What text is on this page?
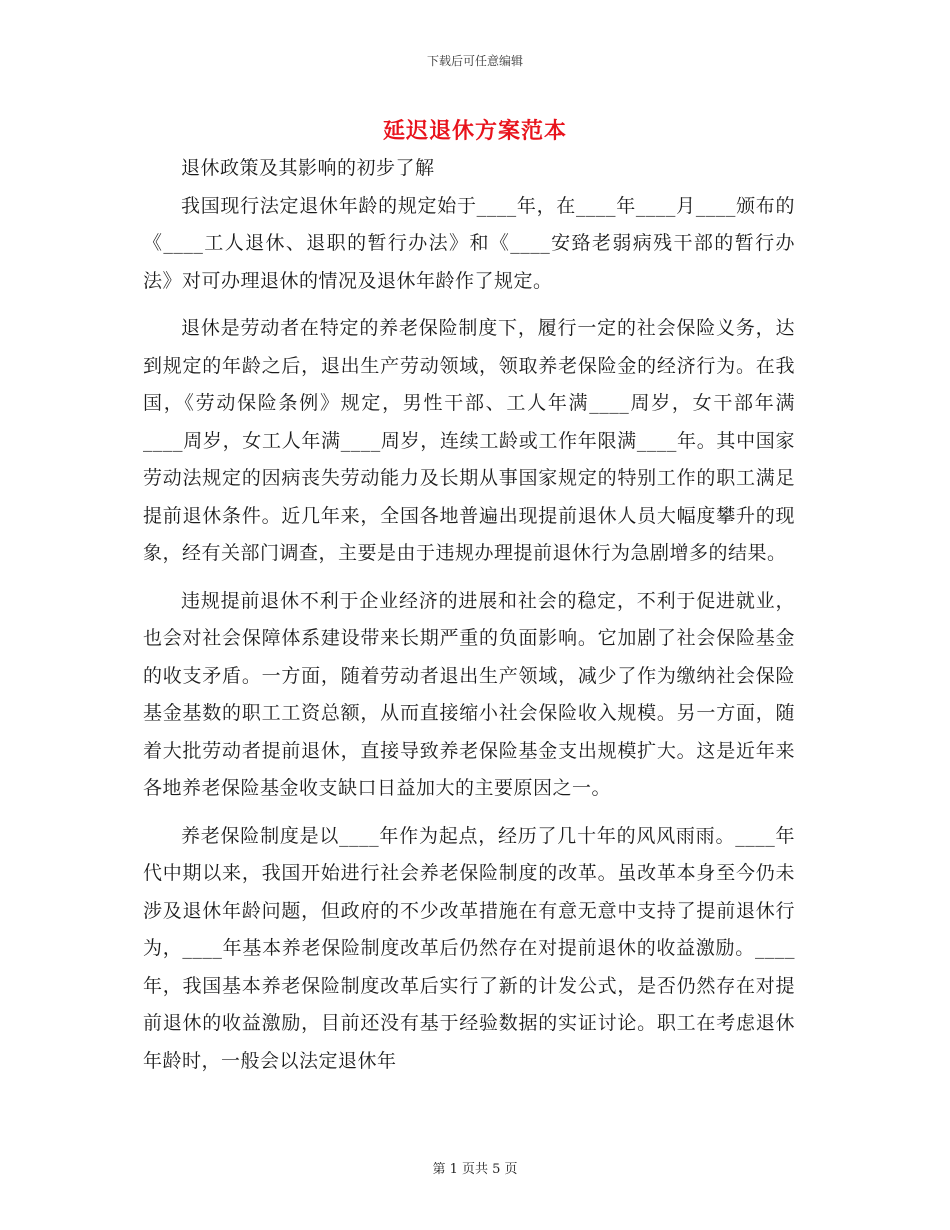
下载后可任意编辑
延迟退休方案范本

退休政策及其影响的初步了解

我国现行法定退休年龄的规定始于____年，在____年____月____颁布的《____工人退休、退职的暂行办法》和《____安臵老弱病残干部的暂行办法》对可办理退休的情况及退休年龄作了规定。

退休是劳动者在特定的养老保险制度下，履行一定的社会保险义务，达到规定的年龄之后，退出生产劳动领域，领取养老保险金的经济行为。在我国，《劳动保险条例》规定，男性干部、工人年满____周岁，女干部年满____周岁，女工人年满____周岁，连续工龄或工作年限满____年。其中国家劳动法规定的因病丧失劳动能力及长期从事国家规定的特别工作的职工满足提前退休条件。近几年来，全国各地普遍出现提前退休人员大幅度攀升的现象，经有关部门调查，主要是由于违规办理提前退休行为急剧增多的结果。

违规提前退休不利于企业经济的进展和社会的稳定，不利于促进就业，也会对社会保障体系建设带来长期严重的负面影响。它加剧了社会保险基金的收支矛盾。一方面，随着劳动者退出生产领域，减少了作为缴纳社会保险基金基数的职工工资总额，从而直接缩小社会保险收入规模。另一方面，随着大批劳动者提前退休，直接导致养老保险基金支出规模扩大。这是近年来各地养老保险基金收支缺口日益加大的主要原因之一。

养老保险制度是以____年作为起点，经历了几十年的风风雨雨。____年代中期以来，我国开始进行社会养老保险制度的改革。虽改革本身至今仍未涉及退休年龄问题，但政府的不少改革措施在有意无意中支持了提前退休行为，____年基本养老保险制度改革后仍然存在对提前退休的收益激励。____年，我国基本养老保险制度改革后实行了新的计发公式，是否仍然存在对提前退休的收益激励，目前还没有基于经验数据的实证讨论。职工在考虑退休年龄时，一般会以法定退休年

第 1 页共 5 页
